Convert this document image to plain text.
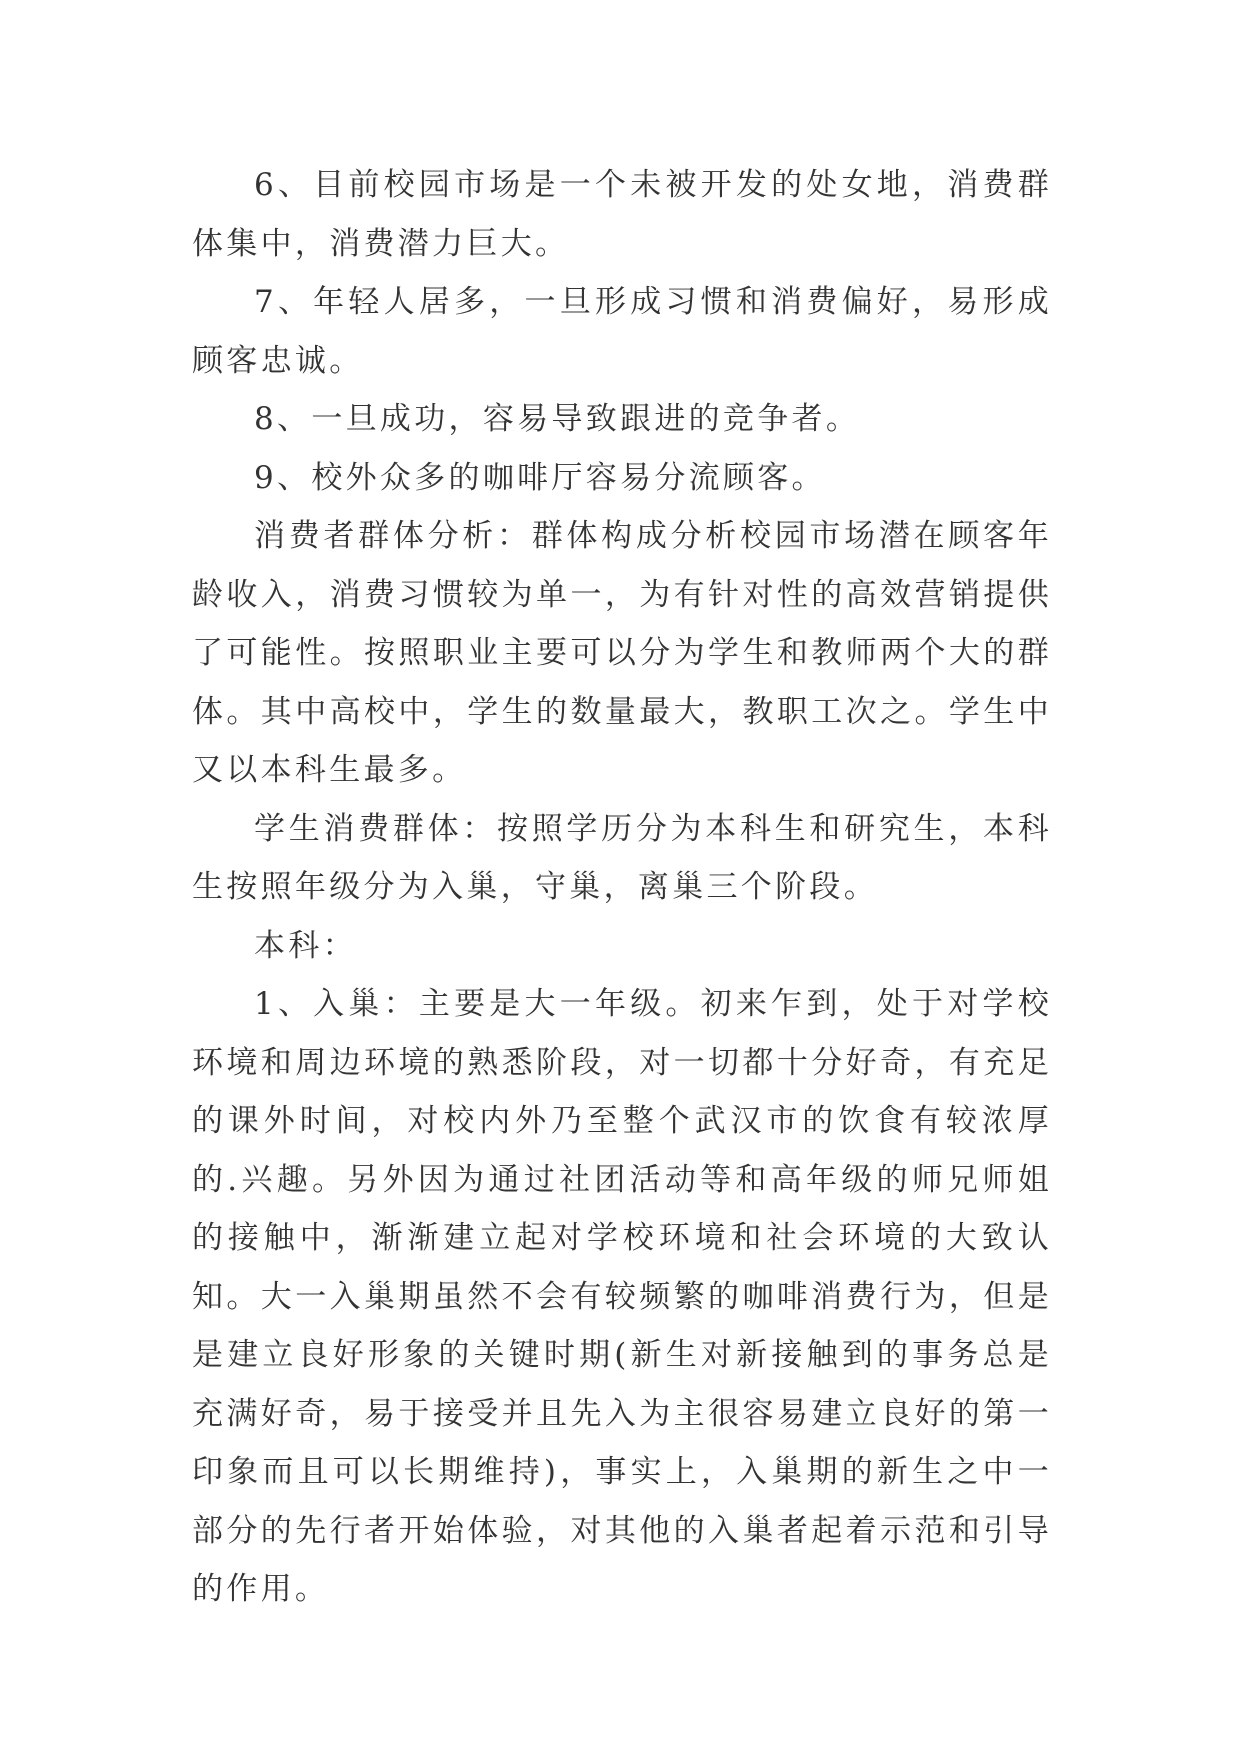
6、目前校园市场是一个未被开发的处女地，消费群体集中，消费潜力巨大。

7、年轻人居多，一旦形成习惯和消费偏好，易形成顾客忠诚。

8、一旦成功，容易导致跟进的竞争者。

9、校外众多的咖啡厅容易分流顾客。

消费者群体分析：群体构成分析校园市场潜在顾客年龄收入，消费习惯较为单一，为有针对性的高效营销提供了可能性。按照职业主要可以分为学生和教师两个大的群体。其中高校中，学生的数量最大，教职工次之。学生中又以本科生最多。

学生消费群体：按照学历分为本科生和研究生，本科生按照年级分为入巢，守巢，离巢三个阶段。

本科：

1、入巢：主要是大一年级。初来乍到，处于对学校环境和周边环境的熟悉阶段，对一切都十分好奇，有充足的课外时间，对校内外乃至整个武汉市的饮食有较浓厚的.兴趣。另外因为通过社团活动等和高年级的师兄师姐的接触中，渐渐建立起对学校环境和社会环境的大致认知。大一入巢期虽然不会有较频繁的咖啡消费行为，但是是建立良好形象的关键时期(新生对新接触到的事务总是充满好奇，易于接受并且先入为主很容易建立良好的第一印象而且可以长期维持)，事实上，入巢期的新生之中一部分的先行者开始体验，对其他的入巢者起着示范和引导的作用。
